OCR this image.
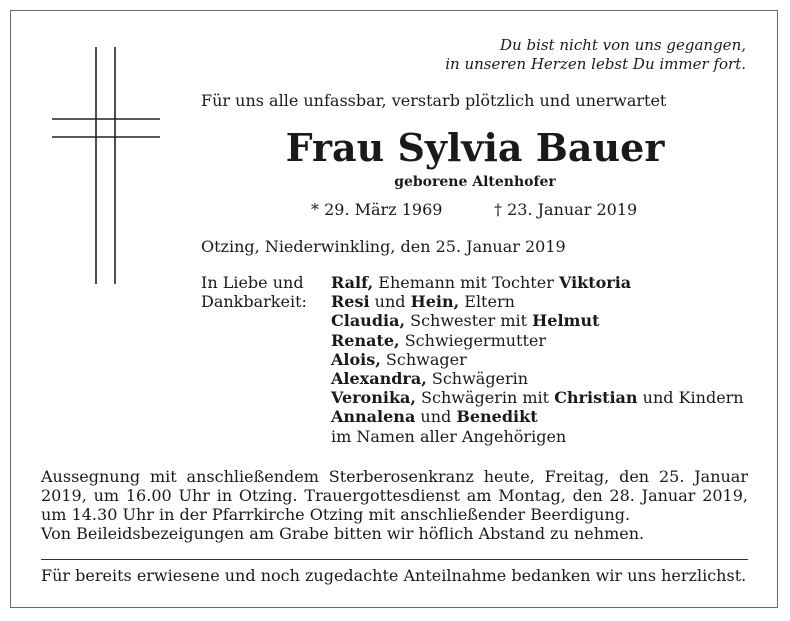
Du bist nicht von uns gegangen,
in unseren Herzen lebst Du immer fort.
Für uns alle unfassbar, verstarb plötzlich und unerwartet
Frau Sylvia Bauer
geborene Altenhofer
* 29. März 1969	† 23. Januar 2019
Otzing, Niederwinkling, den 25. Januar 2019
In Liebe und
Dankbarkeit:
Ralf, Ehemann mit Tochter Viktoria
Resi und Hein, Eltern
Claudia, Schwester mit Helmut
Renate, Schwiegermutter
Alois, Schwager
Alexandra, Schwägerin
Veronika, Schwägerin mit Christian und Kindern
Annalena und Benedikt
im Namen aller Angehörigen

Aussegnung mit anschließendem Sterberosenkranz heute, Freitag, den 25. Januar 2019, um 16.00 Uhr in Otzing. Trauergottesdienst am Montag, den 28. Januar 2019, um 14.30 Uhr in der Pfarrkirche Otzing mit anschließender Beerdigung.

Von Beileidsbezeigungen am Grabe bitten wir höflich Abstand zu nehmen.

Für bereits erwiesene und noch zugedachte Anteilnahme bedanken wir uns herzlichst.
